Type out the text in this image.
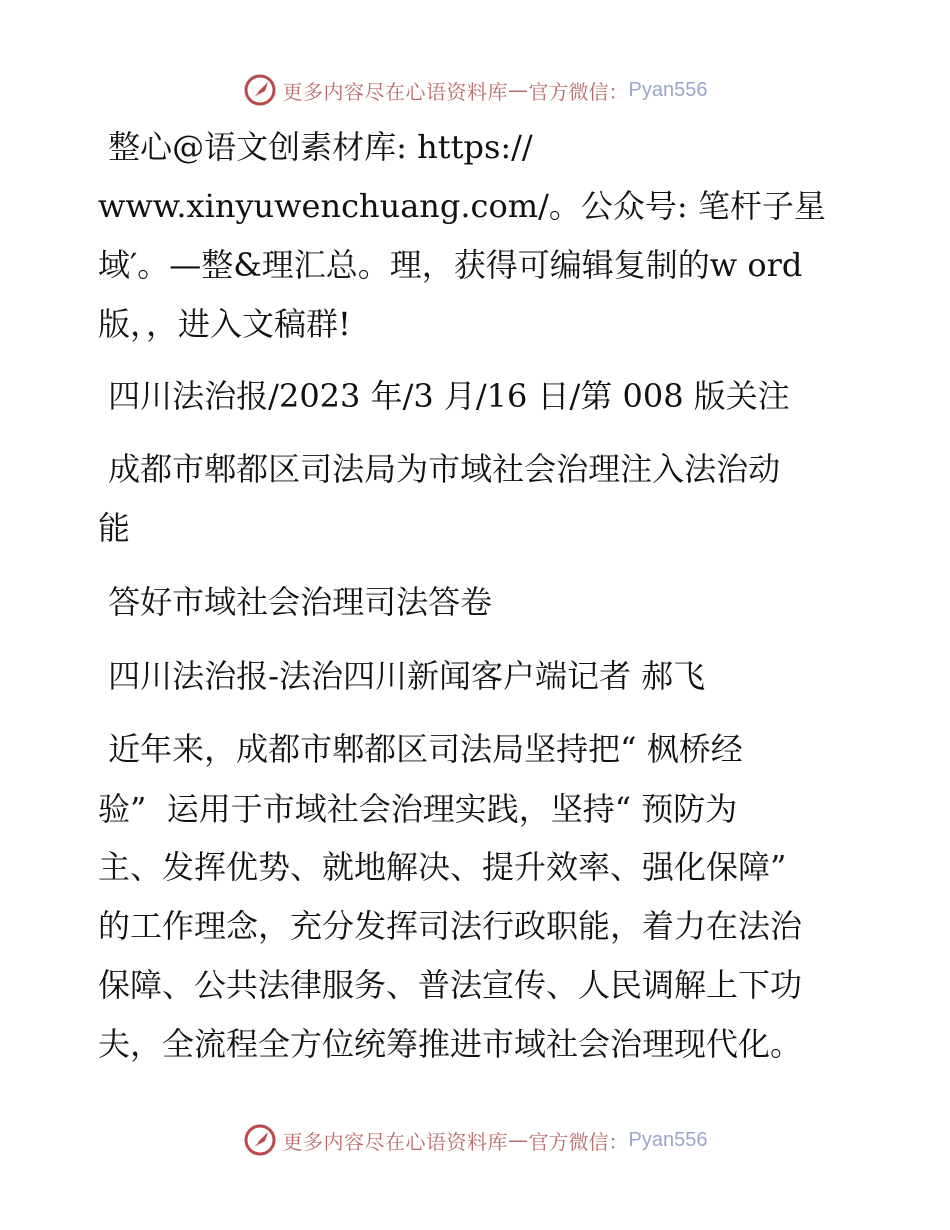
更多内容尽在心语资料库 — 官方微信： Pyan556

整心@语文创素材库: https://

www.xinyuwenchuang.com/。公众号: 笔杆子星

域′。—整&理汇总。理，获得可编辑复制的w ord

版，，进入文稿群!

四川法治报/2023 年/3 月/16 日/第 008 版关注

成都市郫都区司法局为市域社会治理注入法治动

能

答好市域社会治理司法答卷

四川法治报-法治四川新闻客户端记者 郝飞

近年来，成都市郫都区司法局坚持把“ 枫桥经

验”  运用于市域社会治理实践，坚持“ 预防为

主、发挥优势、就地解决、提升效率、强化保障”

的工作理念，充分发挥司法行政职能，着力在法治

保障、公共法律服务、普法宣传、人民调解上下功

夫，全流程全方位统筹推进市域社会治理现代化。

更多内容尽在心语资料库 — 官方微信： Pyan556
